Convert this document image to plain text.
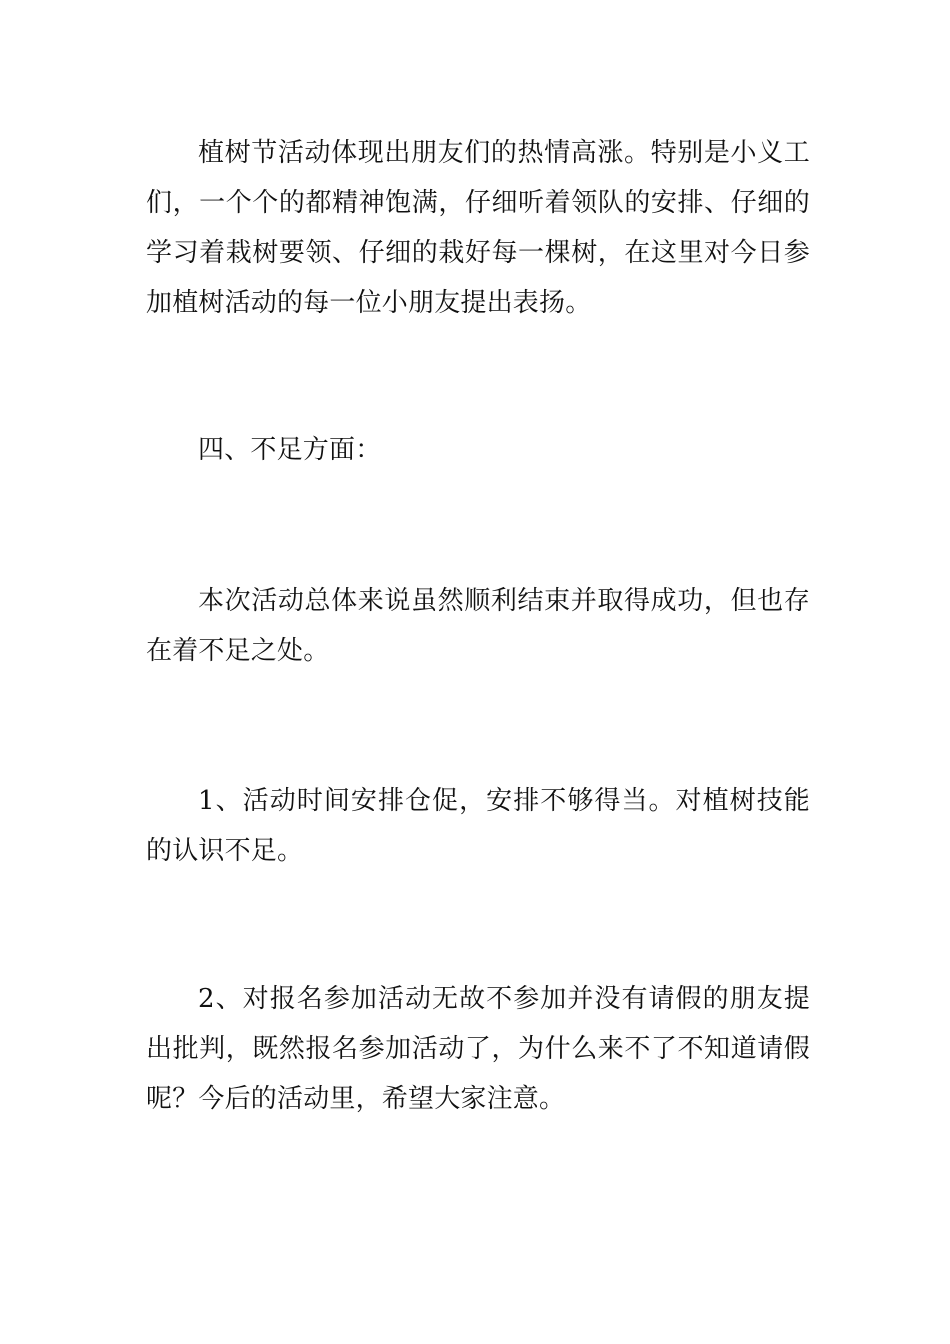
植树节活动体现出朋友们的热情高涨。特别是小义工们，一个个的都精神饱满，仔细听着领队的安排、仔细的学习着栽树要领、仔细的栽好每一棵树，在这里对今日参加植树活动的每一位小朋友提出表扬。

四、不足方面：

本次活动总体来说虽然顺利结束并取得成功，但也存在着不足之处。

1、活动时间安排仓促，安排不够得当。对植树技能的认识不足。

2、对报名参加活动无故不参加并没有请假的朋友提出批判，既然报名参加活动了，为什么来不了不知道请假呢？今后的活动里，希望大家注意。
